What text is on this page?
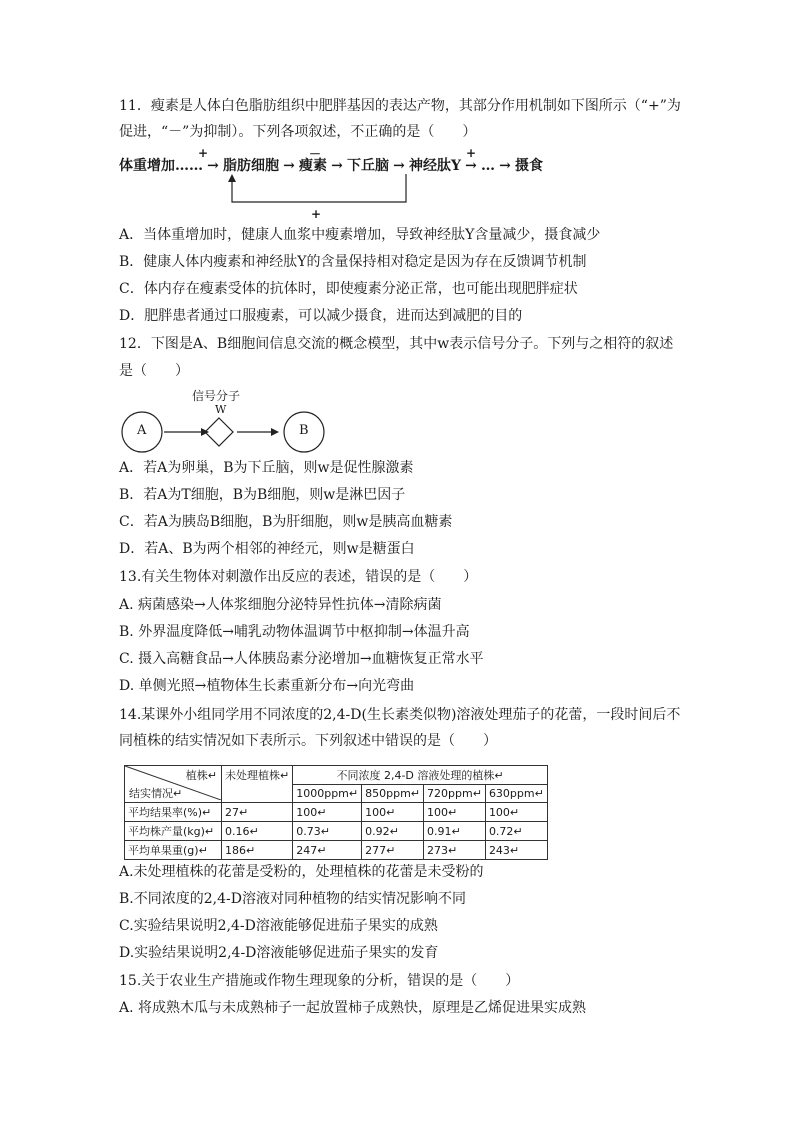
11．瘦素是人体白色脂肪组织中肥胖基因的表达产物，其部分作用机制如下图所示（“+”为
促进，“－”为抑制）。下列各项叙述，不正确的是（　　）
体重增加…… → 脂肪细胞 → 瘦素 → 下丘脑 → 神经肽Y → … → 摄食
+	－	+
+
A．当体重增加时，健康人血浆中瘦素增加，导致神经肽Y含量减少，摄食减少
B．健康人体内瘦素和神经肽Y的含量保持相对稳定是因为存在反馈调节机制
C．体内存在瘦素受体的抗体时，即使瘦素分泌正常，也可能出现肥胖症状
D．肥胖患者通过口服瘦素，可以减少摄食，进而达到减肥的目的
12．下图是A、B细胞间信息交流的概念模型，其中w表示信号分子。下列与之相符的叙述
是（　　）
信号分子
W
A	B
A．若A为卵巢，B为下丘脑，则w是促性腺激素
B．若A为T细胞，B为B细胞，则w是淋巴因子
C．若A为胰岛B细胞，B为肝细胞，则w是胰高血糖素
D．若A、B为两个相邻的神经元，则w是糖蛋白
13.有关生物体对刺激作出反应的表述，错误的是（　　）
A. 病菌感染→人体浆细胞分泌特异性抗体→清除病菌
B. 外界温度降低→哺乳动物体温调节中枢抑制→体温升高
C. 摄入高糖食品→人体胰岛素分泌增加→血糖恢复正常水平
D. 单侧光照→植物体生长素重新分布→向光弯曲
14.某课外小组同学用不同浓度的2,4-D(生长素类似物)溶液处理茄子的花蕾，一段时间后不
同植株的结实情况如下表所示。下列叙述中错误的是（　　）
植株↵
结实情况↵	未处理植株↵	不同浓度 2,4-D 溶液处理的植株↵			
		1000ppm↵	850ppm↵	720ppm↵	630ppm↵
平均结果率(%)↵	27↵	100↵	100↵	100↵	100↵
平均株产量(kg)↵	0.16↵	0.73↵	0.92↵	0.91↵	0.72↵
平均单果重(g)↵	186↵	247↵	277↵	273↵	243↵
A.未处理植株的花蕾是受粉的，处理植株的花蕾是未受粉的
B.不同浓度的2,4-D溶液对同种植物的结实情况影响不同
C.实验结果说明2,4-D溶液能够促进茄子果实的成熟
D.实验结果说明2,4-D溶液能够促进茄子果实的发育
15.关于农业生产措施或作物生理现象的分析，错误的是（　　）
A. 将成熟木瓜与未成熟柿子一起放置柿子成熟快，原理是乙烯促进果实成熟
